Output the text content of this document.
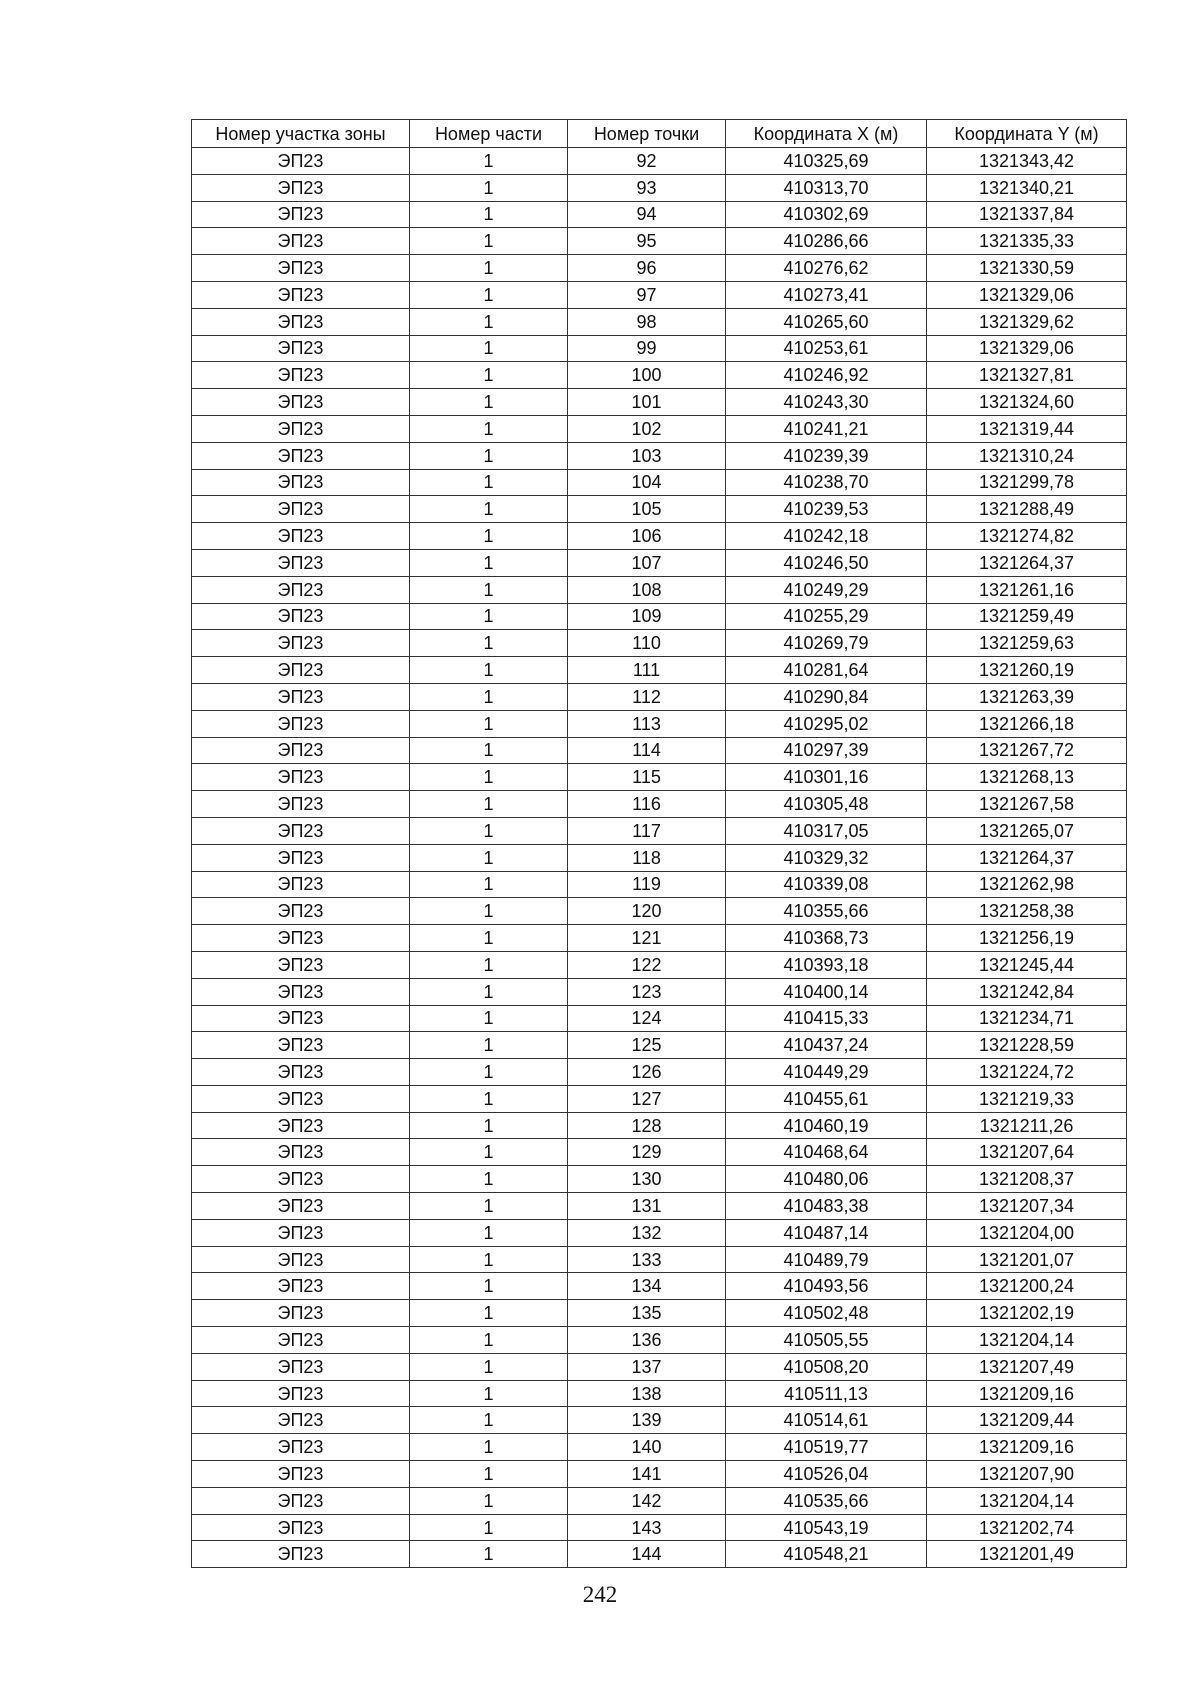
Номер участка зоны	Номер части	Номер точки	Координата X (м)	Координата Y (м)
ЭП23	1	92	410325,69	1321343,42
ЭП23	1	93	410313,70	1321340,21
ЭП23	1	94	410302,69	1321337,84
ЭП23	1	95	410286,66	1321335,33
ЭП23	1	96	410276,62	1321330,59
ЭП23	1	97	410273,41	1321329,06
ЭП23	1	98	410265,60	1321329,62
ЭП23	1	99	410253,61	1321329,06
ЭП23	1	100	410246,92	1321327,81
ЭП23	1	101	410243,30	1321324,60
ЭП23	1	102	410241,21	1321319,44
ЭП23	1	103	410239,39	1321310,24
ЭП23	1	104	410238,70	1321299,78
ЭП23	1	105	410239,53	1321288,49
ЭП23	1	106	410242,18	1321274,82
ЭП23	1	107	410246,50	1321264,37
ЭП23	1	108	410249,29	1321261,16
ЭП23	1	109	410255,29	1321259,49
ЭП23	1	110	410269,79	1321259,63
ЭП23	1	111	410281,64	1321260,19
ЭП23	1	112	410290,84	1321263,39
ЭП23	1	113	410295,02	1321266,18
ЭП23	1	114	410297,39	1321267,72
ЭП23	1	115	410301,16	1321268,13
ЭП23	1	116	410305,48	1321267,58
ЭП23	1	117	410317,05	1321265,07
ЭП23	1	118	410329,32	1321264,37
ЭП23	1	119	410339,08	1321262,98
ЭП23	1	120	410355,66	1321258,38
ЭП23	1	121	410368,73	1321256,19
ЭП23	1	122	410393,18	1321245,44
ЭП23	1	123	410400,14	1321242,84
ЭП23	1	124	410415,33	1321234,71
ЭП23	1	125	410437,24	1321228,59
ЭП23	1	126	410449,29	1321224,72
ЭП23	1	127	410455,61	1321219,33
ЭП23	1	128	410460,19	1321211,26
ЭП23	1	129	410468,64	1321207,64
ЭП23	1	130	410480,06	1321208,37
ЭП23	1	131	410483,38	1321207,34
ЭП23	1	132	410487,14	1321204,00
ЭП23	1	133	410489,79	1321201,07
ЭП23	1	134	410493,56	1321200,24
ЭП23	1	135	410502,48	1321202,19
ЭП23	1	136	410505,55	1321204,14
ЭП23	1	137	410508,20	1321207,49
ЭП23	1	138	410511,13	1321209,16
ЭП23	1	139	410514,61	1321209,44
ЭП23	1	140	410519,77	1321209,16
ЭП23	1	141	410526,04	1321207,90
ЭП23	1	142	410535,66	1321204,14
ЭП23	1	143	410543,19	1321202,74
ЭП23	1	144	410548,21	1321201,49
242
